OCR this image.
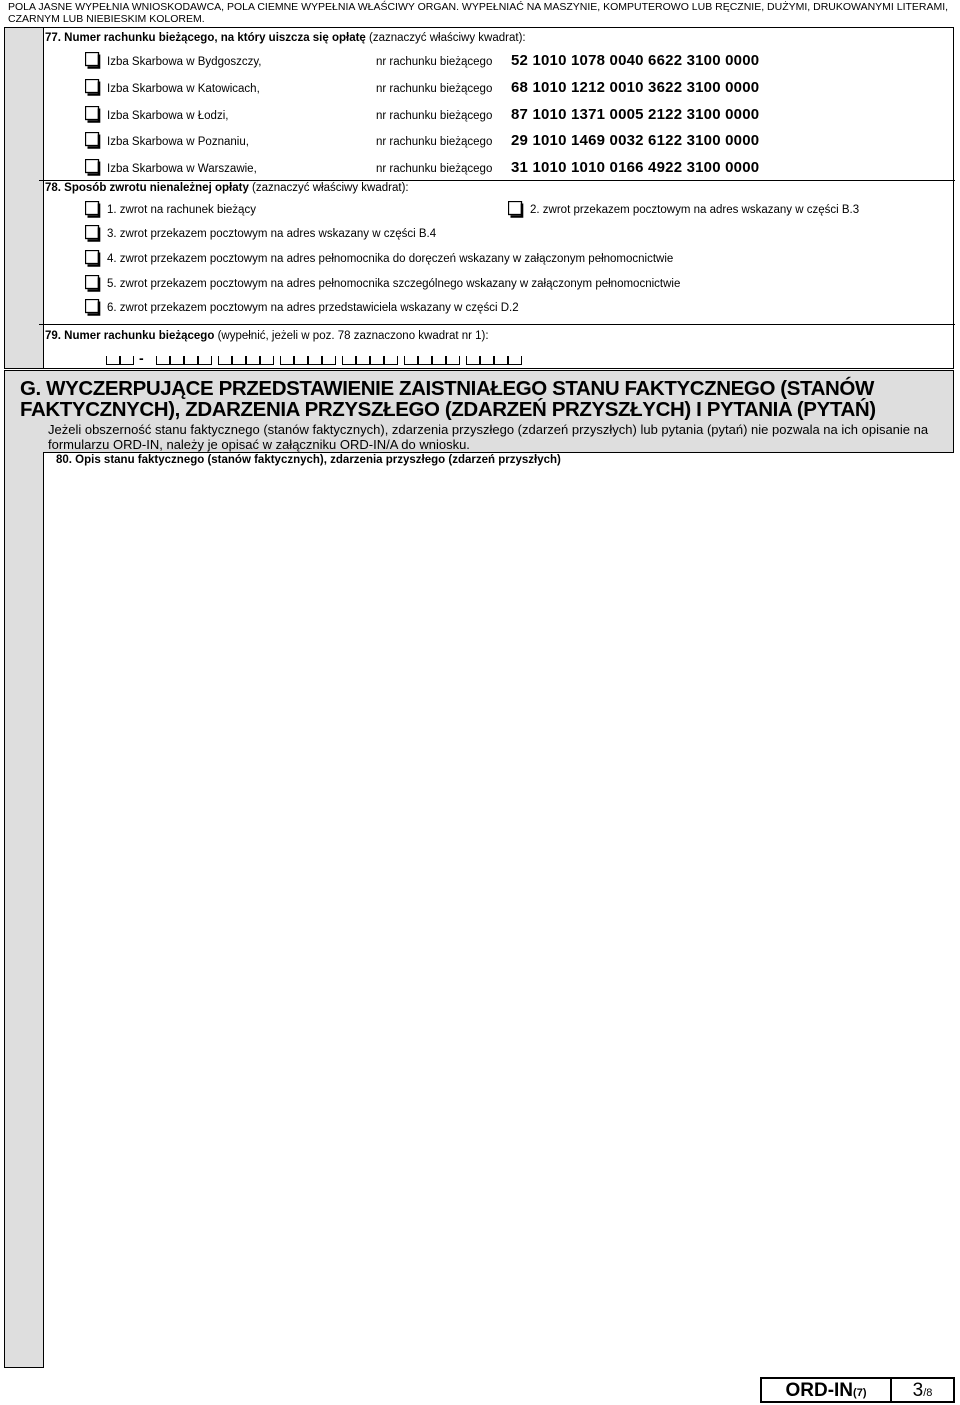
POLA JASNE WYPEŁNIA WNIOSKODAWCA, POLA CIEMNE WYPEŁNIA WŁAŚCIWY ORGAN. WYPEŁNIAĆ NA MASZYNIE, KOMPUTEROWO LUB RĘCZNIE, DUŻYMI, DRUKOWANYMI LITERAMI, CZARNYM LUB NIEBIESKIM KOLOREM.
77. Numer rachunku bieżącego, na który uiszcza się opłatę (zaznaczyć właściwy kwadrat):
Izba Skarbowa w Bydgoszczy,	nr rachunku bieżącego 52 1010 1078 0040 6622 3100 0000
Izba Skarbowa w Katowicach,	nr rachunku bieżącego 68 1010 1212 0010 3622 3100 0000
Izba Skarbowa w Łodzi,	nr rachunku bieżącego 87 1010 1371 0005 2122 3100 0000
Izba Skarbowa w Poznaniu,	nr rachunku bieżącego 29 1010 1469 0032 6122 3100 0000
Izba Skarbowa w Warszawie,	nr rachunku bieżącego 31 1010 1010 0166 4922 3100 0000
78. Sposób zwrotu nienależnej opłaty (zaznaczyć właściwy kwadrat):
1. zwrot na rachunek bieżący	2. zwrot przekazem pocztowym na adres wskazany w części B.3
3. zwrot przekazem pocztowym na adres wskazany w części B.4
4. zwrot przekazem pocztowym na adres pełnomocnika do doręczeń wskazany w załączonym pełnomocnictwie
5. zwrot przekazem pocztowym na adres pełnomocnika szczególnego wskazany w załączonym pełnomocnictwie
6. zwrot przekazem pocztowym na adres przedstawiciela wskazany w części D.2
79. Numer rachunku bieżącego (wypełnić, jeżeli w poz. 78 zaznaczono kwadrat nr 1):
-
G. WYCZERPUJĄCE PRZEDSTAWIENIE ZAISTNIAŁEGO STANU FAKTYCZNEGO (STANÓW FAKTYCZNYCH), ZDARZENIA PRZYSZŁEGO (ZDARZEŃ PRZYSZŁYCH) I PYTANIA (PYTAŃ)
Jeżeli obszerność stanu faktycznego (stanów faktycznych), zdarzenia przyszłego (zdarzeń przyszłych) lub pytania (pytań) nie pozwala na ich opisanie na formularzu ORD-IN, należy je opisać w załączniku ORD-IN/A do wniosku.
80. Opis stanu faktycznego (stanów faktycznych), zdarzenia przyszłego (zdarzeń przyszłych)
ORD-IN(7)	3/8
